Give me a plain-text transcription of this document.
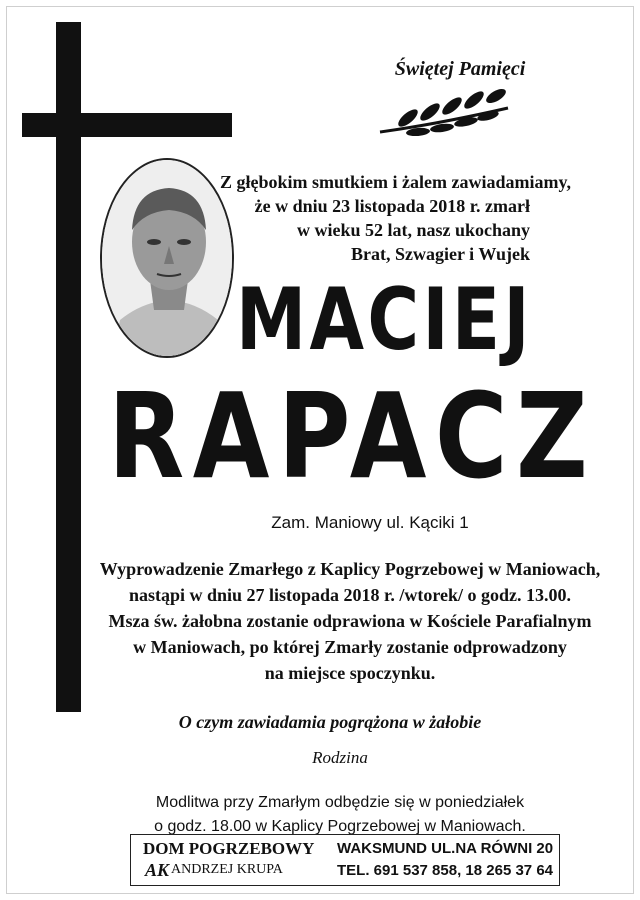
Świętej Pamięci
Z głębokim smutkiem i żalem zawiadamiamy,
że w dniu 23 listopada 2018 r. zmarł
w wieku 52 lat, nasz ukochany
Brat, Szwagier i Wujek
MACIEJ
RAPACZ
Zam. Maniowy ul. Kąciki 1
Wyprowadzenie Zmarłego z Kaplicy Pogrzebowej w Maniowach,
nastąpi w dniu 27 listopada 2018 r. /wtorek/ o godz. 13.00.
Msza św. żałobna zostanie odprawiona w Kościele Parafialnym
w Maniowach, po której Zmarły zostanie odprowadzony
na miejsce spoczynku.
O czym zawiadamia pogrążona w żałobie
Rodzina
Modlitwa przy Zmarłym odbędzie się w poniedziałek
o godz. 18.00 w Kaplicy Pogrzebowej w Maniowach.
DOM POGRZEBOWY
AK ANDRZEJ KRUPA
WAKSMUND UL.NA RÓWNI 20
TEL. 691 537 858, 18 265 37 64
